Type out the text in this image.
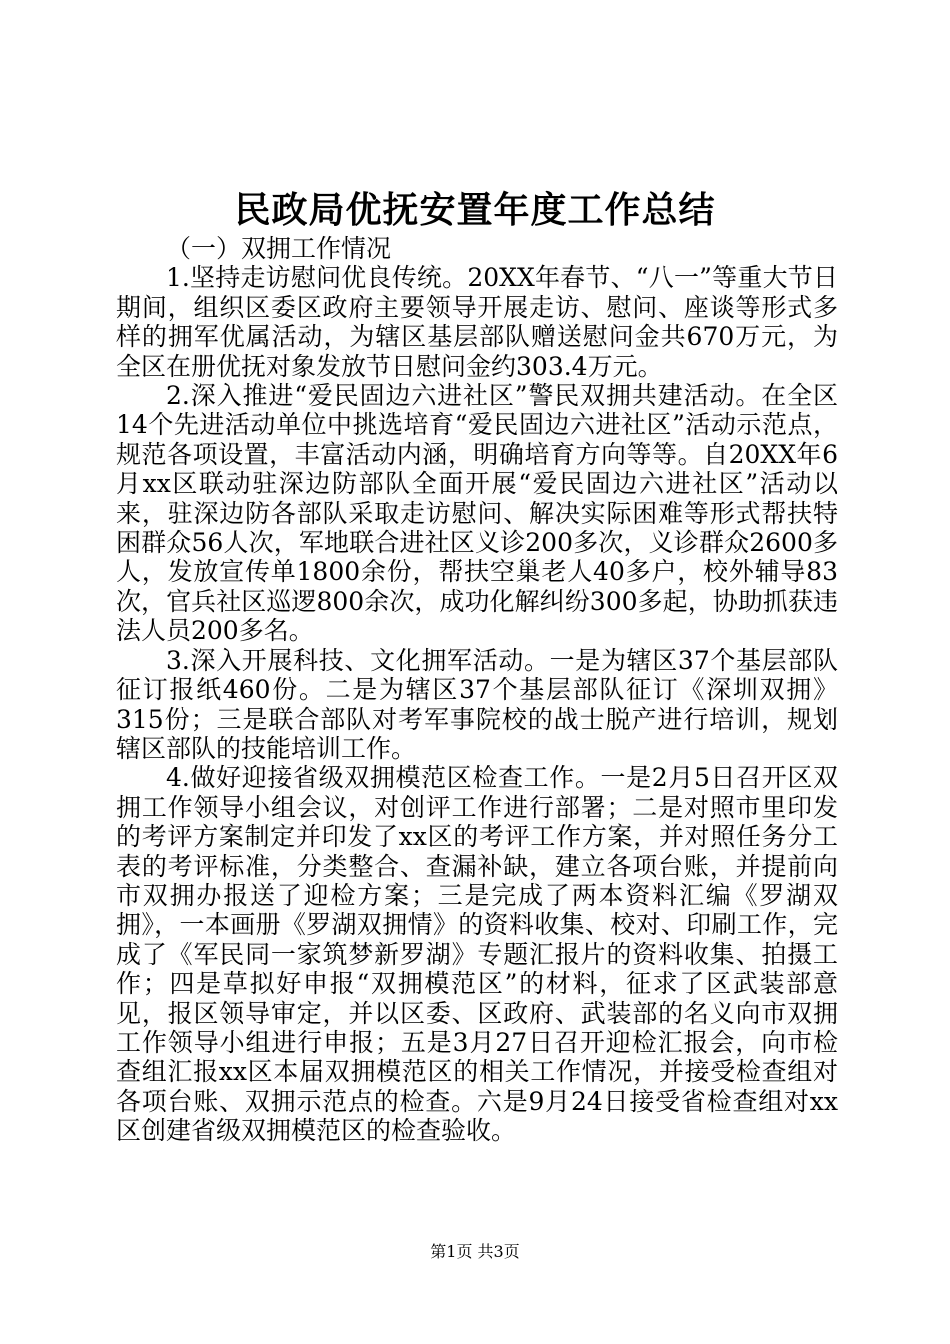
民政局优抚安置年度工作总结

（一）双拥工作情况

1.坚持走访慰问优良传统。20XX年春节、“八一”等重大节日期间，组织区委区政府主要领导开展走访、慰问、座谈等形式多样的拥军优属活动，为辖区基层部队赠送慰问金共670万元，为全区在册优抚对象发放节日慰问金约303.4万元。

2.深入推进“爱民固边六进社区”警民双拥共建活动。在全区14个先进活动单位中挑选培育“爱民固边六进社区”活动示范点，规范各项设置，丰富活动内涵，明确培育方向等等。自20XX年6月xx区联动驻深边防部队全面开展“爱民固边六进社区”活动以来，驻深边防各部队采取走访慰问、解决实际困难等形式帮扶特困群众56人次，军地联合进社区义诊200多次，义诊群众2600多人，发放宣传单1800余份，帮扶空巢老人40多户，校外辅导83次，官兵社区巡逻800余次，成功化解纠纷300多起，协助抓获违法人员200多名。

3.深入开展科技、文化拥军活动。一是为辖区37个基层部队征订报纸460份。二是为辖区37个基层部队征订《深圳双拥》315份；三是联合部队对考军事院校的战士脱产进行培训，规划辖区部队的技能培训工作。

4.做好迎接省级双拥模范区检查工作。一是2月5日召开区双拥工作领导小组会议，对创评工作进行部署；二是对照市里印发的考评方案制定并印发了xx区的考评工作方案，并对照任务分工表的考评标准，分类整合、查漏补缺，建立各项台账，并提前向市双拥办报送了迎检方案；三是完成了两本资料汇编《罗湖双拥》，一本画册《罗湖双拥情》的资料收集、校对、印刷工作，完成了《军民同一家筑梦新罗湖》专题汇报片的资料收集、拍摄工作；四是草拟好申报“双拥模范区”的材料，征求了区武装部意见，报区领导审定，并以区委、区政府、武装部的名义向市双拥工作领导小组进行申报；五是3月27日召开迎检汇报会，向市检查组汇报xx区本届双拥模范区的相关工作情况，并接受检查组对各项台账、双拥示范点的检查。六是9月24日接受省检查组对xx区创建省级双拥模范区的检查验收。

第1页 共3页
